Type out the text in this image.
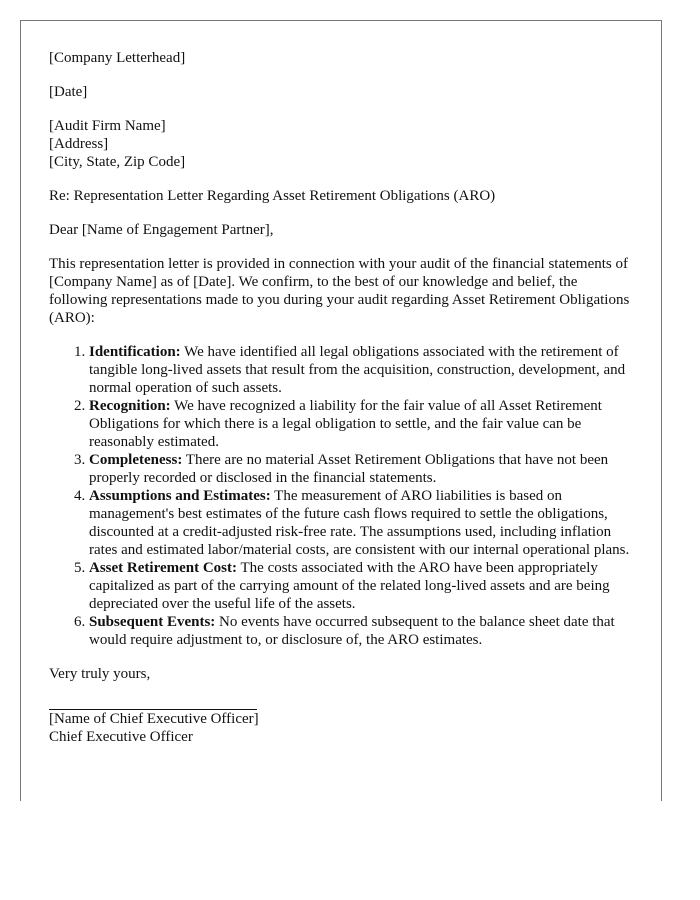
[Company Letterhead]

[Date]

[Audit Firm Name]
[Address]
[City, State, Zip Code]

Re: Representation Letter Regarding Asset Retirement Obligations (ARO)

Dear [Name of Engagement Partner],

This representation letter is provided in connection with your audit of the financial statements of [Company Name] as of [Date]. We confirm, to the best of our knowledge and belief, the following representations made to you during your audit regarding Asset Retirement Obligations (ARO):

1. Identification: We have identified all legal obligations associated with the retirement of tangible long-lived assets that result from the acquisition, construction, development, and normal operation of such assets.
2. Recognition: We have recognized a liability for the fair value of all Asset Retirement Obligations for which there is a legal obligation to settle, and the fair value can be reasonably estimated.
3. Completeness: There are no material Asset Retirement Obligations that have not been properly recorded or disclosed in the financial statements.
4. Assumptions and Estimates: The measurement of ARO liabilities is based on management's best estimates of the future cash flows required to settle the obligations, discounted at a credit-adjusted risk-free rate. The assumptions used, including inflation rates and estimated labor/material costs, are consistent with our internal operational plans.
5. Asset Retirement Cost: The costs associated with the ARO have been appropriately capitalized as part of the carrying amount of the related long-lived assets and are being depreciated over the useful life of the assets.
6. Subsequent Events: No events have occurred subsequent to the balance sheet date that would require adjustment to, or disclosure of, the ARO estimates.

Very truly yours,

[Name of Chief Executive Officer]
Chief Executive Officer
